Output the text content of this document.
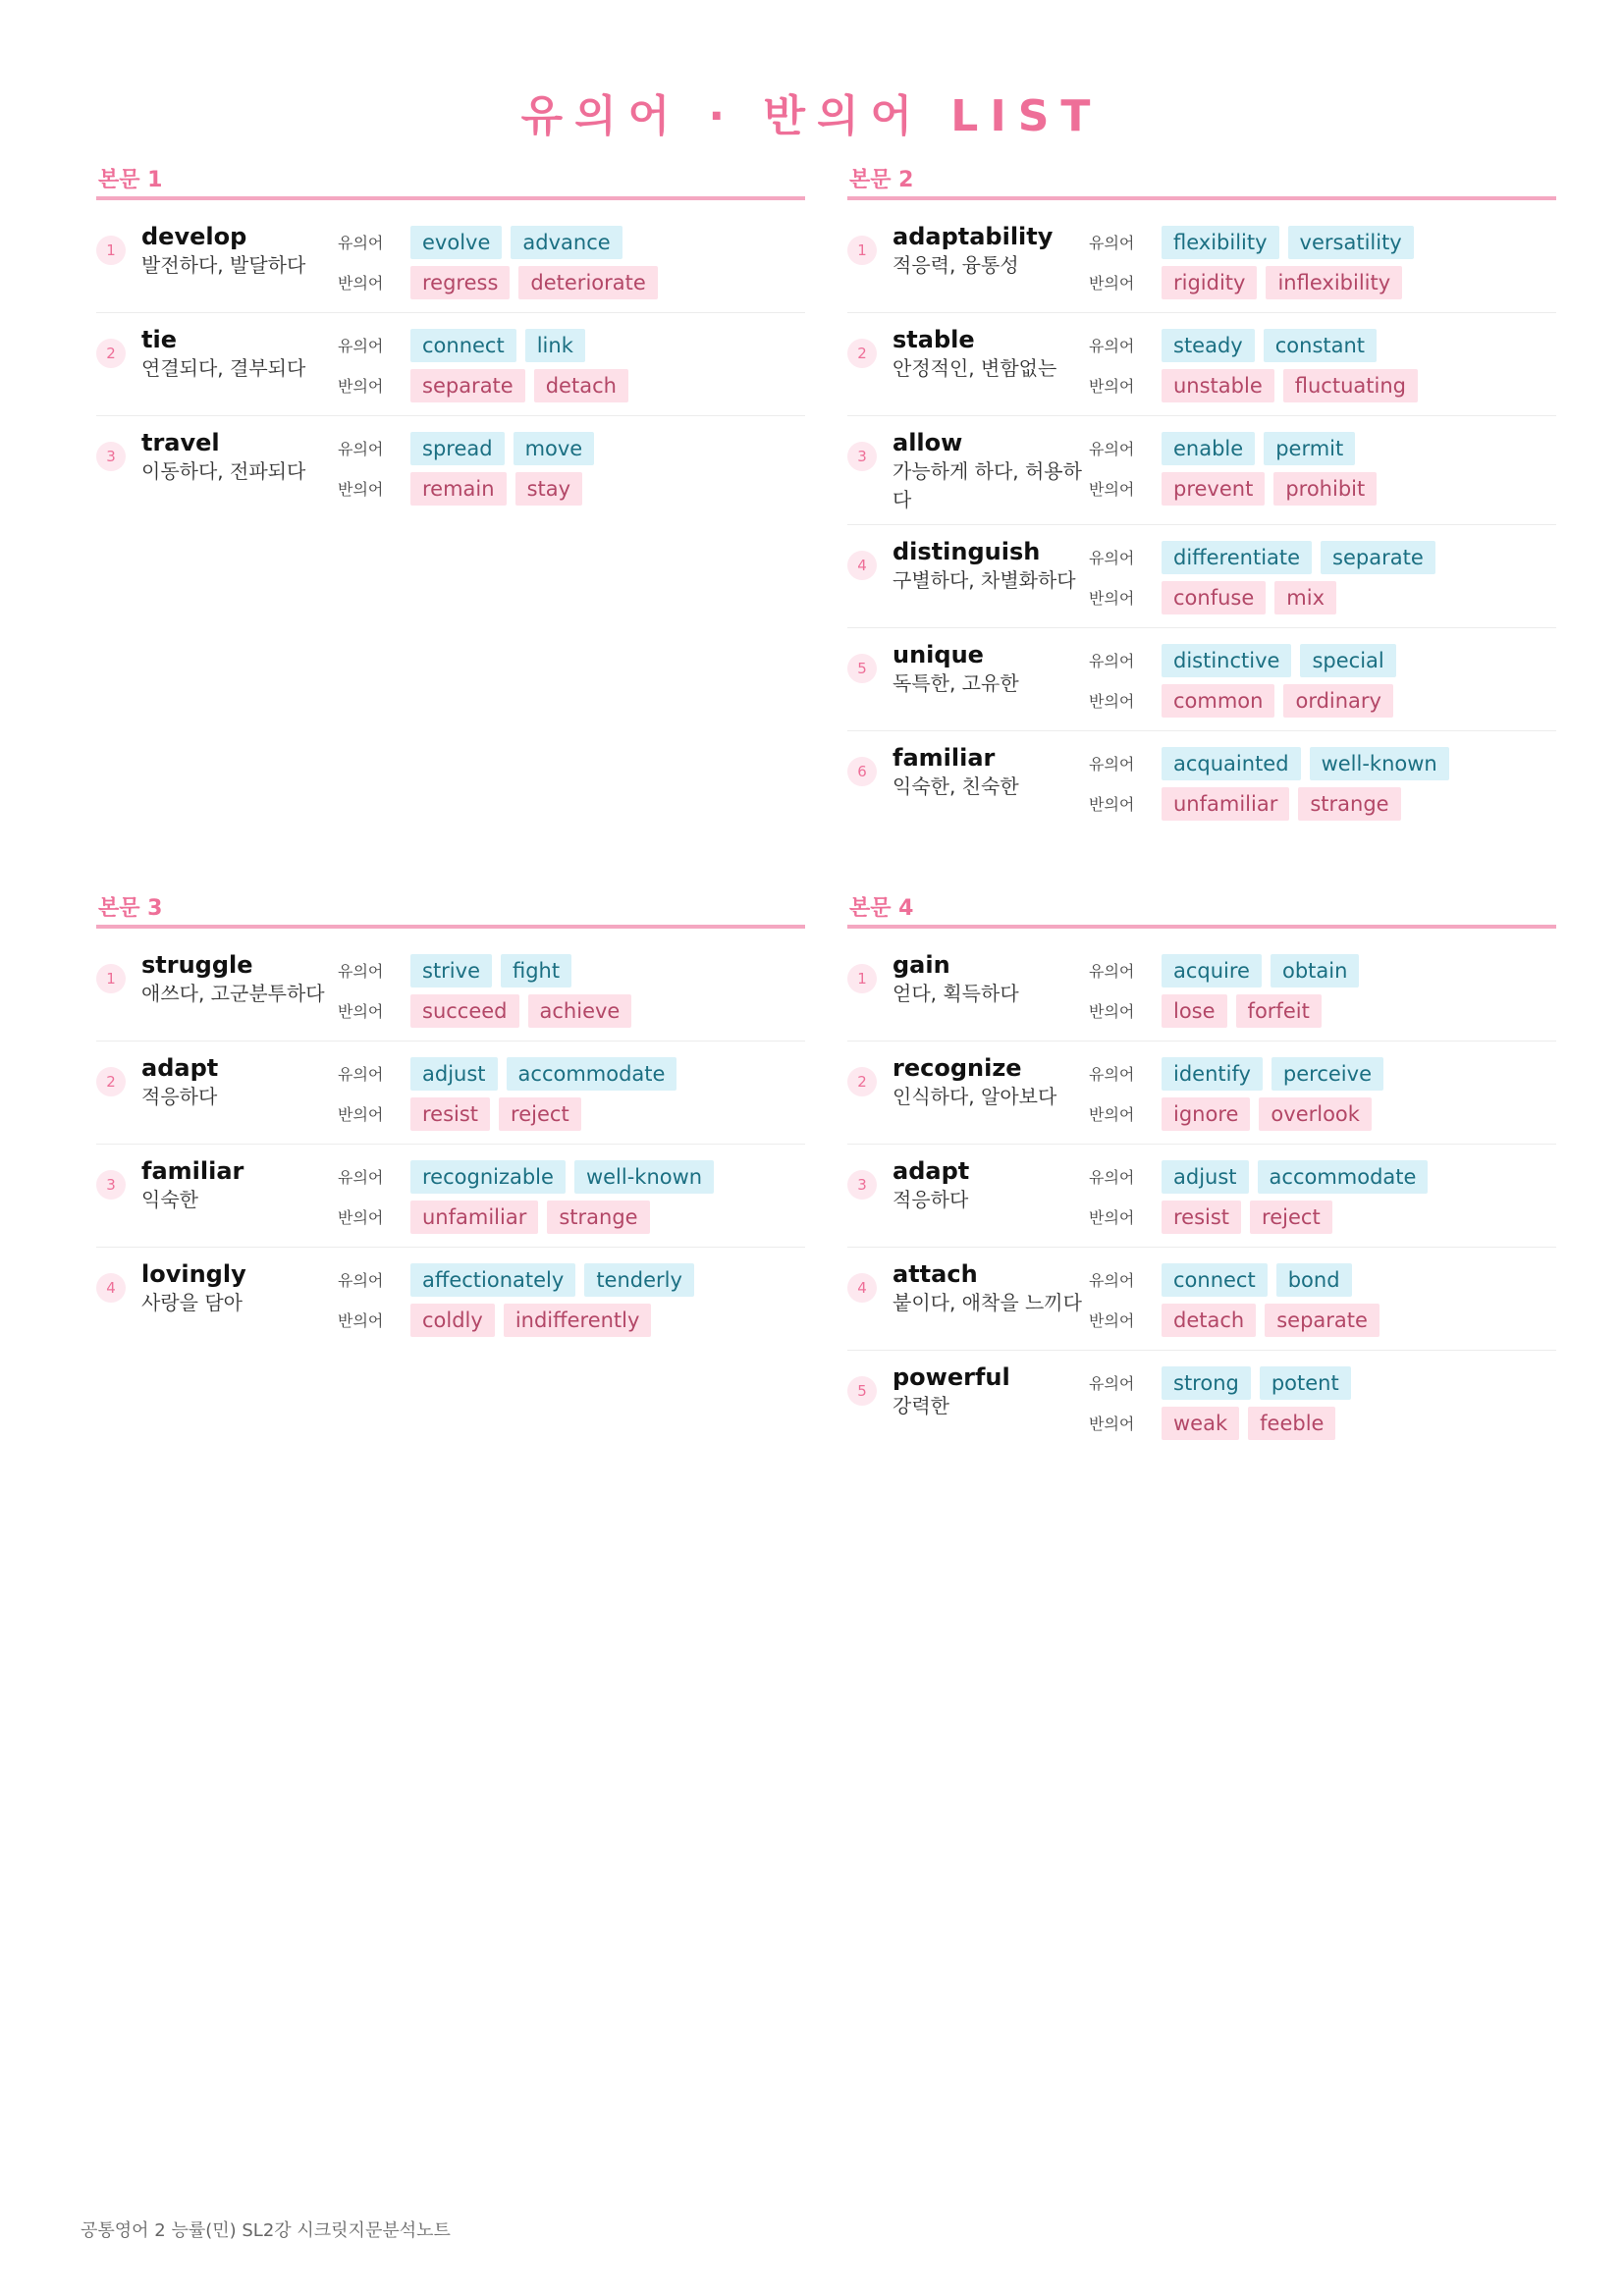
유의어 · 반의어 LIST
본문 1
1	develop
발전하다, 발달하다
유의어	evolve	advance
반의어	regress	deteriorate
2	tie
연결되다, 결부되다
유의어	connect	link
반의어	separate	detach
3	travel
이동하다, 전파되다
유의어	spread	move
반의어	remain	stay
본문 2
1	adaptability
적응력, 융통성
유의어	flexibility	versatility
반의어	rigidity	inflexibility
2	stable
안정적인, 변함없는
유의어	steady	constant
반의어	unstable	fluctuating
3	allow
가능하게 하다, 허용하다
유의어	enable	permit
반의어	prevent	prohibit
4	distinguish
구별하다, 차별화하다
유의어	differentiate	separate
반의어	confuse	mix
5	unique
독특한, 고유한
유의어	distinctive	special
반의어	common	ordinary
6	familiar
익숙한, 친숙한
유의어	acquainted	well-known
반의어	unfamiliar	strange
본문 3
1	struggle
애쓰다, 고군분투하다
유의어	strive	fight
반의어	succeed	achieve
2	adapt
적응하다
유의어	adjust	accommodate
반의어	resist	reject
3	familiar
익숙한
유의어	recognizable	well-known
반의어	unfamiliar	strange
4	lovingly
사랑을 담아
유의어	affectionately	tenderly
반의어	coldly	indifferently
본문 4
1	gain
얻다, 획득하다
유의어	acquire	obtain
반의어	lose	forfeit
2	recognize
인식하다, 알아보다
유의어	identify	perceive
반의어	ignore	overlook
3	adapt
적응하다
유의어	adjust	accommodate
반의어	resist	reject
4	attach
붙이다, 애착을 느끼다
유의어	connect	bond
반의어	detach	separate
5	powerful
강력한
유의어	strong	potent
반의어	weak	feeble
공통영어 2 능률(민) SL2강 시크릿지문분석노트
